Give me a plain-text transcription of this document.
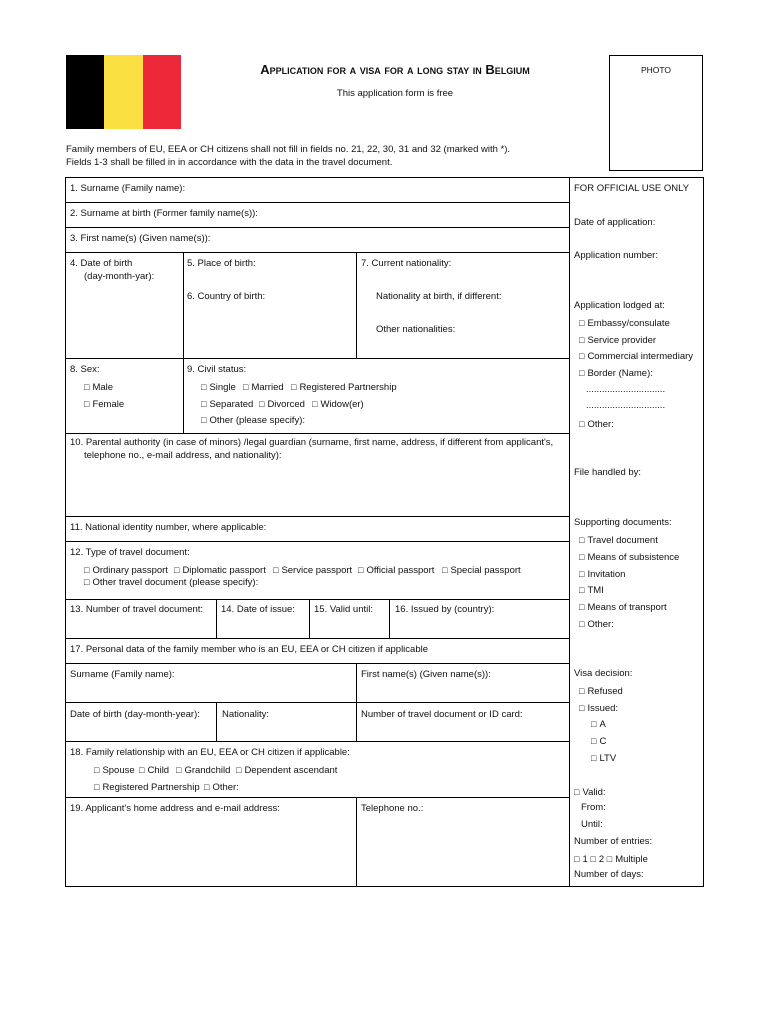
Application for a visa for a long stay in Belgium
This application form is free
PHOTO
Family members of EU, EEA or CH citizens shall not fill in fields no. 21, 22, 30, 31 and 32 (marked with *).
Fields 1-3 shall be filled in in accordance with the data in the travel document.
1. Surname (Family name):
2. Surname at birth (Former family name(s)):
3. First name(s) (Given name(s)):
4. Date of birth
(day-month-yar):
5. Place of birth:
6. Country of birth:
7. Current nationality:
Nationality at birth, if different:
Other nationalities:
8. Sex:
□ Male
□ Female
9. Civil status:
□ Single	□ Married	□ Registered Partnership
□ Separated	□ Divorced	□ Widow(er)
□ Other (please specify):
10. Parental authority (in case of minors) /legal guardian (surname, first name, address, if different from applicant's,
telephone no., e-mail address, and nationality):
11. National identity number, where applicable:
12. Type of travel document:
□ Ordinary passport	□ Diplomatic passport	□ Service passport	□ Official passport	□ Special passport
□ Other travel document (please specify):
13. Number of travel document: 14. Date of issue: 15. Valid until: 16. Issued by (country):
17. Personal data of the family member who is an EU, EEA or CH citizen if applicable
Surname (Family name):	First name(s) (Given name(s)):
Date of birth (day-month-year): Nationality:	Number of travel document or ID card:
18. Family relationship with an EU, EEA or CH citizen if applicable:
□ Spouse	□ Child	□ Grandchild	□ Dependent ascendant
□ Registered Partnership	□ Other:
19. Applicant's home address and e-mail address:	Telephone no.:
FOR OFFICIAL USE ONLY
Date of application:
Application number:
Application lodged at:
□ Embassy/consulate
□ Service provider
□ Commercial intermediary
□ Border (Name):
..............................
..............................
□ Other:
File handled by:
Supporting documents:
□ Travel document
□ Means of subsistence
□ Invitation
□ TMI
□ Means of transport
□ Other:
Visa decision:
□ Refused
□ Issued:
□ A
□ C
□ LTV
□ Valid:
From:
Until:
Number of entries:
□ 1 □ 2 □ Multiple
Number of days:
